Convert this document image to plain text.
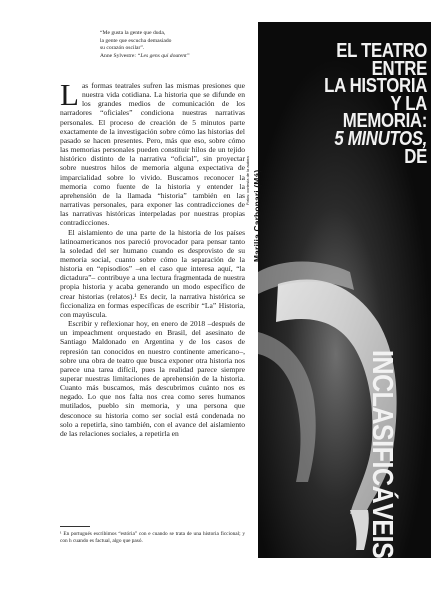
“Me gusta la gente que duda,
la gente que escucha demasiado
su corazón oscilar”.
Anne Sylvestre: “Les gens qui doutent”

Las formas teatrales sufren las mismas presiones que nuestra vida cotidiana. La historia que se difunde en los grandes medios de comunicación de los narradores “oficiales” condiciona nuestras narrativas personales. El proceso de creación de 5 minutos parte exactamente de la investigación sobre cómo las historias del pasado se hacen presentes. Pero, más que eso, sobre cómo las memorias personales pueden constituir hilos de un tejido histórico distinto de la narrativa “oficial”, sin proyectar sobre nuestros hilos de memoria alguna expectativa de imparcialidad sobre lo vivido. Buscamos reconocer la memoria como fuente de la historia y entender la aprehensión de la llamada “historia” también en las narrativas personales, para exponer las contradicciones de las narrativas históricas interpeladas por nuestras propias contradicciones.

El aislamiento de una parte de la historia de los países latinoamericanos nos pareció provocador para pensar tanto la soledad del ser humano cuando es desprovisto de su memoria social, cuanto sobre cómo la separación de la historia en “episodios” –en el caso que interesa aquí, “la dictadura”– contribuye a una lectura fragmentada de nuestra propia historia y acaba generando un modo específico de crear historias (relatos).¹ Es decir, la narrativa histórica se ficcionaliza en formas específicas de escribir “La” Historia, con mayúscula.

Escribir y reflexionar hoy, en enero de 2018 –después de un impeachment orquestado en Brasil, del asesinato de Santiago Maldonado en Argentina y de los casos de represión tan conocidos en nuestro continente americano–, sobre una obra de teatro que busca exponer otra historia nos parece una tarea difícil, pues la realidad parece siempre superar nuestras limitaciones de aprehensión de la historia. Cuanto más buscamos, más descubrimos cuánto nos es negado. Lo que nos falta nos crea como seres humanos mutilados, pueblo sin memoria, y una persona que desconoce su historia como ser social está condenada no solo a repetirla, sino también, con el avance del aislamiento de las relaciones sociales, a repetirla en

¹ En portugués escribimos “estória” con e cuando se trata de una historia ficcional; y con h cuando es factual, algo que pasó.
EL TEATRO
ENTRE
LA HISTORIA
Y LA
MEMORIA:
5 MINUTOS,
DE
INCLASIFICÁVEIS
Marilia Carbonari (Má)
Fotos: cortesía de la autora
